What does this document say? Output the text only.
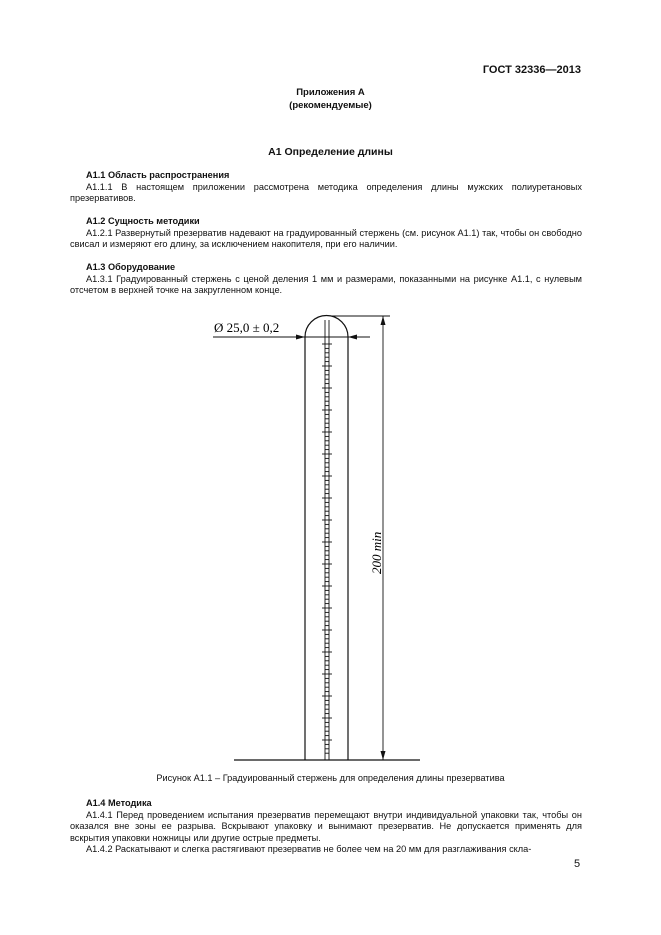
ГОСТ 32336—2013
Приложения А
(рекомендуемые)
А1 Определение длины
А1.1 Область распространения
А1.1.1 В настоящем приложении рассмотрена методика определения длины мужских полиуретановых презервативов.
А1.2 Сущность методики
А1.2.1 Развернутый презерватив надевают на градуированный стержень (см. рисунок А1.1) так, чтобы он свободно свисал и измеряют его длину, за исключением накопителя, при его наличии.
А1.3 Оборудование
А1.3.1 Градуированный стержень с ценой деления 1 мм и размерами, показанными на рисунке А1.1, с нулевым отсчетом в верхней точке на закругленном конце.
Ø 25,0 ± 0,2
200 min
Рисунок А1.1 – Градуированный стержень для определения длины презерватива
А1.4 Методика
А1.4.1 Перед проведением испытания презерватив перемещают внутри индивидуальной упаковки так, чтобы он оказался вне зоны ее разрыва. Вскрывают упаковку и вынимают презерватив. Не допускается применять для вскрытия упаковки ножницы или другие острые предметы.
А1.4.2 Раскатывают и слегка растягивают презерватив не более чем на 20 мм для разглаживания скла-
5
